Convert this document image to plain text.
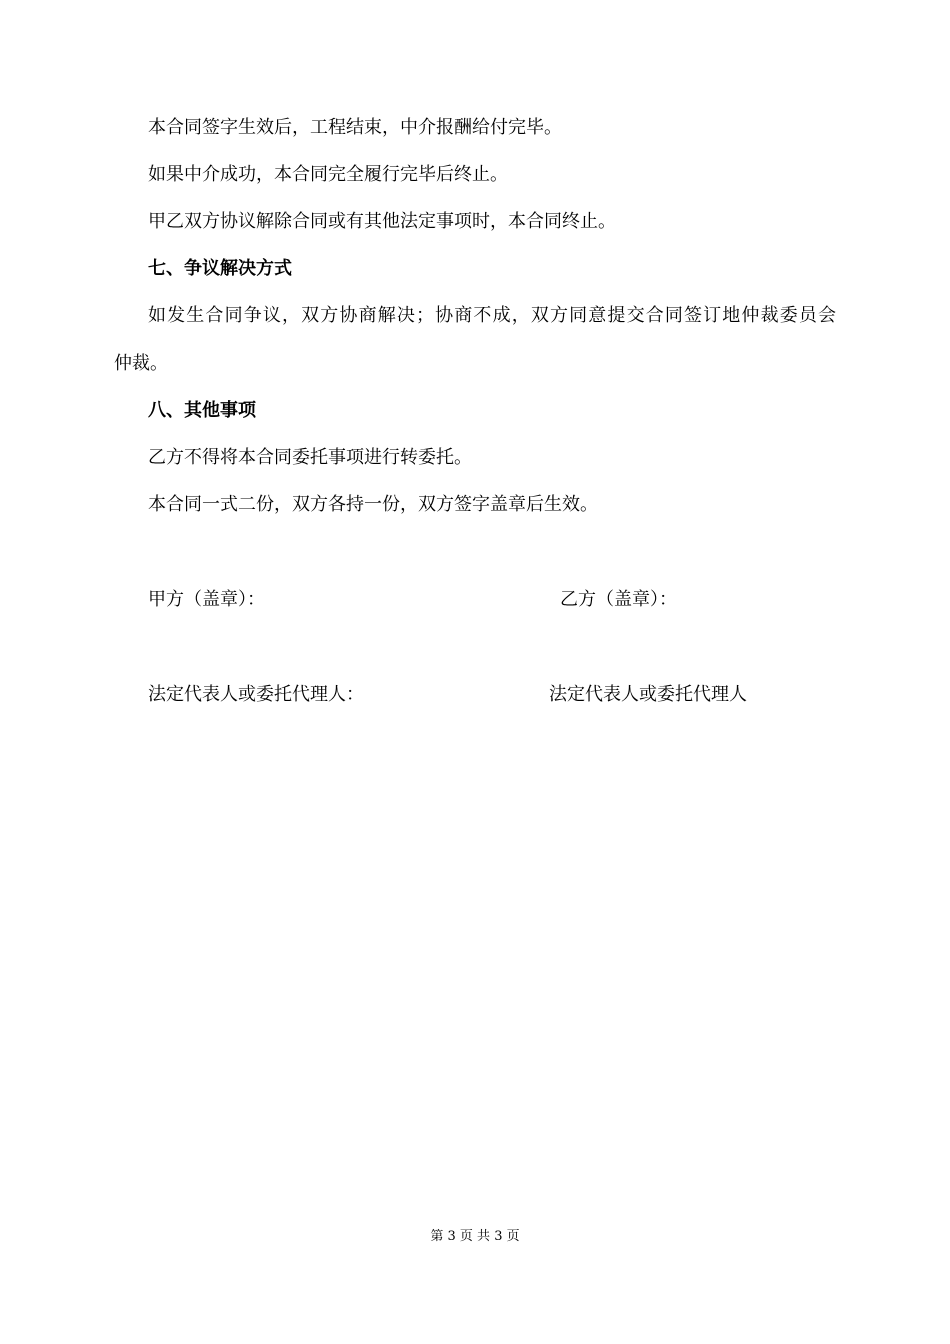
本合同签字生效后，工程结束，中介报酬给付完毕。

如果中介成功，本合同完全履行完毕后终止。

甲乙双方协议解除合同或有其他法定事项时，本合同终止。

七、争议解决方式

如发生合同争议，双方协商解决；协商不成，双方同意提交合同签订地仲裁委员会

仲裁。

八、其他事项

乙方不得将本合同委托事项进行转委托。

本合同一式二份，双方各持一份，双方签字盖章后生效。

甲方（盖章）：	乙方（盖章）：

法定代表人或委托代理人：	法定代表人或委托代理人

第 3 页 共 3 页
